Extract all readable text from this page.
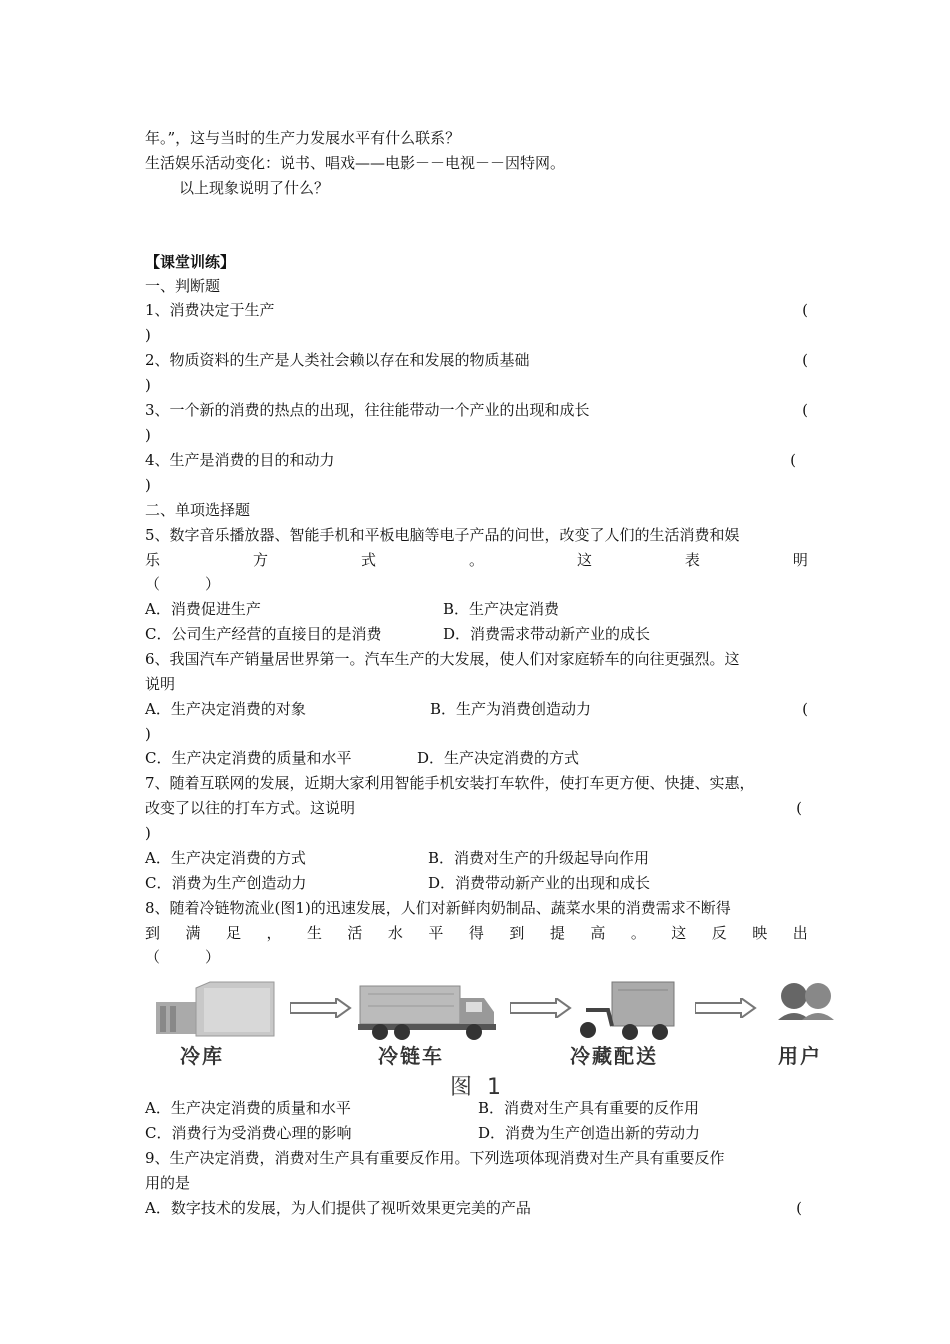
年。”，这与当时的生产力发展水平有什么联系？
生活娱乐活动变化：说书、唱戏——电影－－电视－－因特网。
以上现象说明了什么？
【课堂训练】
一、判断题
1、消费决定于生产	(
)
2、物质资料的生产是人类社会赖以存在和发展的物质基础	(
)
3、一个新的消费的热点的出现，往往能带动一个产业的出现和成长	(
)
4、生产是消费的目的和动力	(
)
二、单项选择题
5、数字音乐播放器、智能手机和平板电脑等电子产品的问世，改变了人们的生活消费和娱
乐	方	式	。	这	表	明
（　　　）
A．消费促进生产	B．生产决定消费
C．公司生产经营的直接目的是消费	D．消费需求带动新产业的成长
6、我国汽车产销量居世界第一。汽车生产的大发展，使人们对家庭轿车的向往更强烈。这
说明
A．生产决定消费的对象	B．生产为消费创造动力	(
)
C．生产决定消费的质量和水平	D．生产决定消费的方式
7、随着互联网的发展，近期大家利用智能手机安装打车软件，使打车更方便、快捷、实惠，
改变了以往的打车方式。这说明	(
)
A．生产决定消费的方式	B．消费对生产的升级起导向作用
C．消费为生产创造动力	D．消费带动新产业的出现和成长
8、随着冷链物流业(图1)的迅速发展，人们对新鲜肉奶制品、蔬菜水果的消费需求不断得
到 满 足 ， 生 活 水 平 得 到 提 高 。 这 反 映 出
（　　　）
冷库	冷链车	冷藏配送	用户
图 1
A．生产决定消费的质量和水平	B．消费对生产具有重要的反作用
C．消费行为受消费心理的影响	D．消费为生产创造出新的劳动力
9、生产决定消费，消费对生产具有重要反作用。下列选项体现消费对生产具有重要反作
用的是
A．数字技术的发展，为人们提供了视听效果更完美的产品	(
